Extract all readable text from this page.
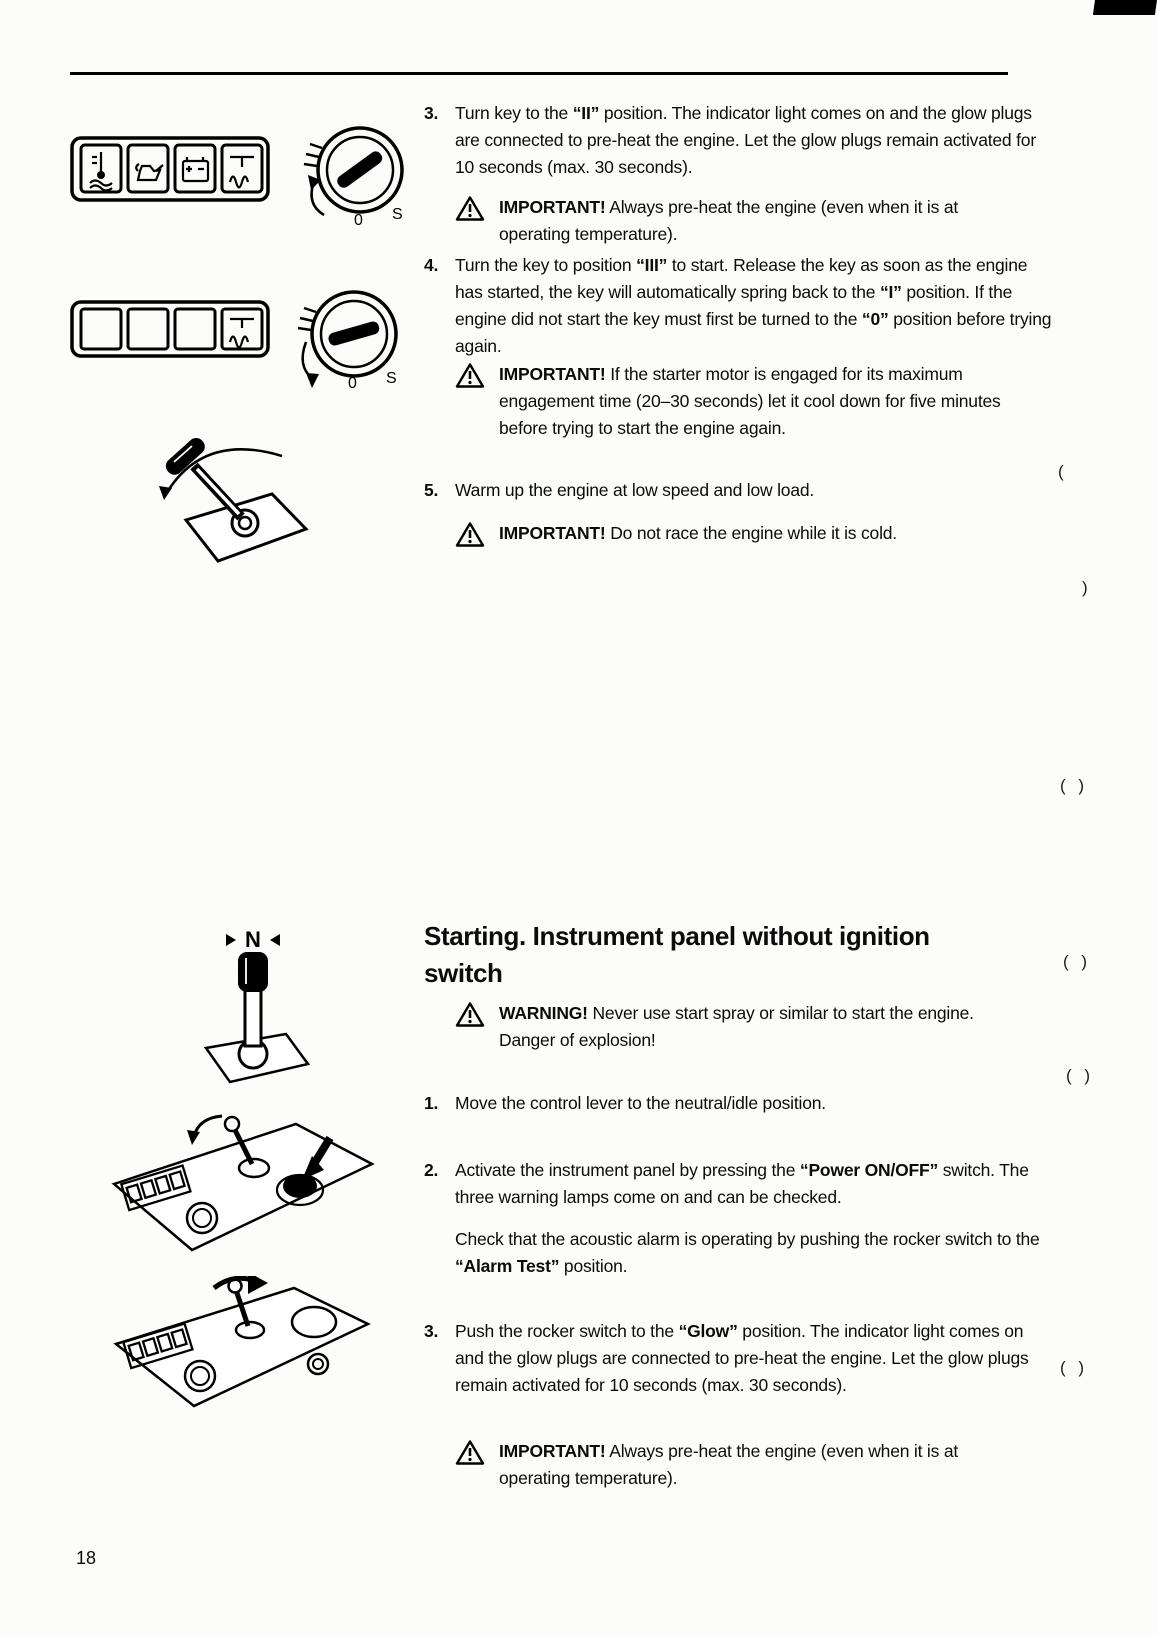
0 S
0 S
N
3. Turn key to the “II” position. The indicator light comes on and the glow plugs are connected to pre-heat the engine. Let the glow plugs remain activated for 10 seconds (max. 30 seconds).
IMPORTANT! Always pre-heat the engine (even when it is at operating temperature).
4. Turn the key to position “III” to start. Release the key as soon as the engine has started, the key will automatically spring back to the “I” position. If the engine did not start the key must first be turned to the “0” position before trying again.
IMPORTANT! If the starter motor is engaged for its maximum engagement time (20–30 seconds) let it cool down for five minutes before trying to start the engine again.
5. Warm up the engine at low speed and low load.
IMPORTANT! Do not race the engine while it is cold.
Starting. Instrument panel without ignition
switch
WARNING! Never use start spray or similar to start the engine. Danger of explosion!
1. Move the control lever to the neutral/idle position.
2. Activate the instrument panel by pressing the “Power ON/OFF” switch. The three warning lamps come on and can be checked.
Check that the acoustic alarm is operating by pushing the rocker switch to the “Alarm Test” position.
3. Push the rocker switch to the “Glow” position. The indicator light comes on and the glow plugs are connected to pre-heat the engine. Let the glow plugs remain activated for 10 seconds (max. 30 seconds).
IMPORTANT! Always pre-heat the engine (even when it is at operating temperature).
18
(
)
( )
( )
( )
( )
